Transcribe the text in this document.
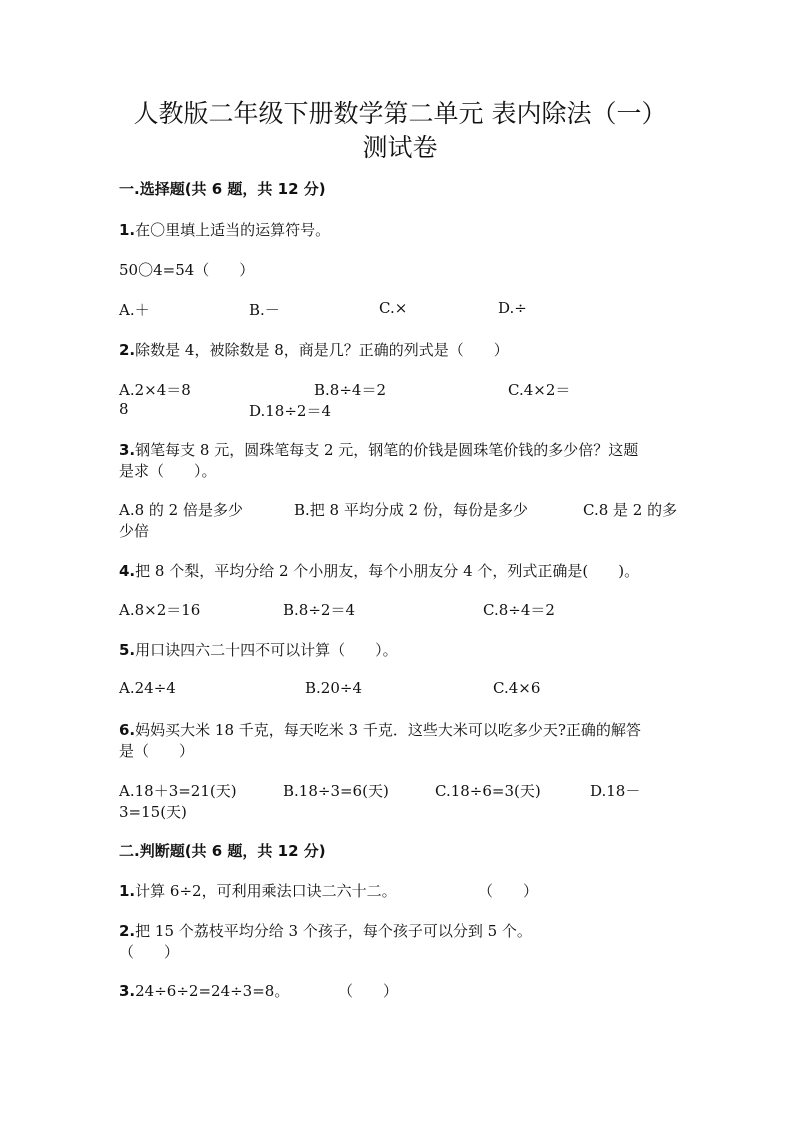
人教版二年级下册数学第二单元 表内除法（一）
测试卷
一.选择题(共 6 题，共 12 分)
1.在〇里填上适当的运算符号。
50〇4=54（　　）
A.＋	B.－	C.×	D.÷
2.除数是 4，被除数是 8，商是几？正确的列式是（　　）
A.2×4＝8	B.8÷4＝2	C.4×2＝
8	D.18÷2＝4
3.钢笔每支 8 元，圆珠笔每支 2 元，钢笔的价钱是圆珠笔价钱的多少倍？这题
是求（　　）。
A.8 的 2 倍是多少	B.把 8 平均分成 2 份，每份是多少	C.8 是 2 的多
少倍
4.把 8 个梨，平均分给 2 个小朋友，每个小朋友分 4 个，列式正确是(　　)。
A.8×2＝16	B.8÷2＝4	C.8÷4＝2
5.用口诀四六二十四不可以计算（　　）。
A.24÷4	B.20÷4	C.4×6
6.妈妈买大米 18 千克，每天吃米 3 千克．这些大米可以吃多少天?正确的解答
是（　　）
A.18＋3=21(天)	B.18÷3=6(天)	C.18÷6=3(天)	D.18－
3=15(天)
二.判断题(共 6 题，共 12 分)
1.计算 6÷2，可利用乘法口诀二六十二。	（　　）
2.把 15 个荔枝平均分给 3 个孩子，每个孩子可以分到 5 个。
（　　）
3.24÷6÷2=24÷3=8。	（　　）
